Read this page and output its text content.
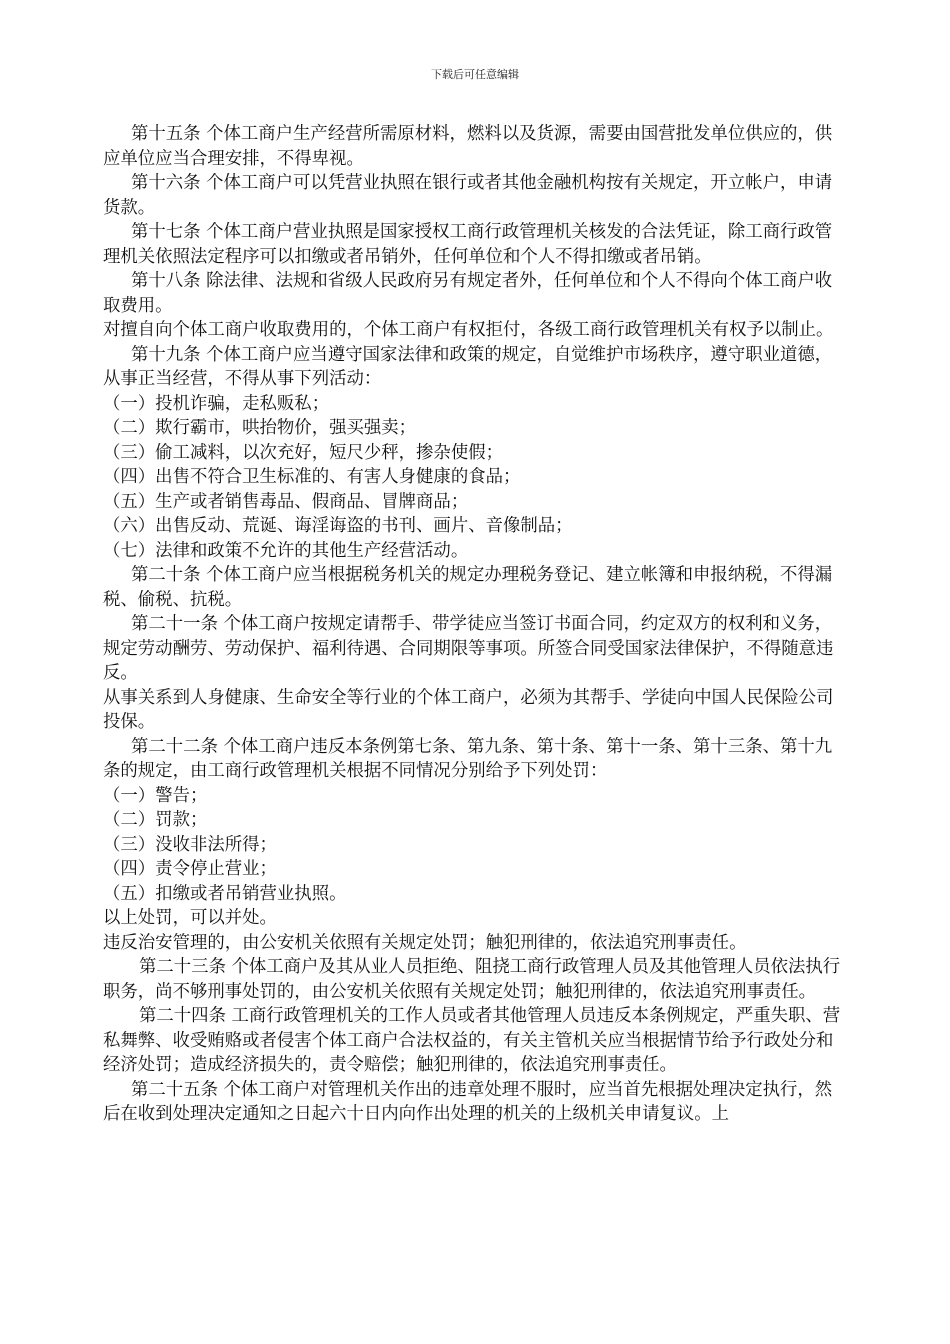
下载后可任意编辑

第十五条 个体工商户生产经营所需原材料，燃料以及货源，需要由国营批发单位供应的，供应单位应当合理安排，不得卑视。

第十六条 个体工商户可以凭营业执照在银行或者其他金融机构按有关规定，开立帐户，申请货款。

第十七条 个体工商户营业执照是国家授权工商行政管理机关核发的合法凭证，除工商行政管理机关依照法定程序可以扣缴或者吊销外，任何单位和个人不得扣缴或者吊销。

第十八条 除法律、法规和省级人民政府另有规定者外，任何单位和个人不得向个体工商户收取费用。

对擅自向个体工商户收取费用的，个体工商户有权拒付，各级工商行政管理机关有权予以制止。

第十九条 个体工商户应当遵守国家法律和政策的规定，自觉维护市场秩序，遵守职业道德，从事正当经营，不得从事下列活动：

（一）投机诈骗，走私贩私；

（二）欺行霸市，哄抬物价，强买强卖；

（三）偷工减料，以次充好，短尺少秤，掺杂使假；

（四）出售不符合卫生标准的、有害人身健康的食品；

（五）生产或者销售毒品、假商品、冒牌商品；

（六）出售反动、荒诞、诲淫诲盗的书刊、画片、音像制品；

（七）法律和政策不允许的其他生产经营活动。

第二十条 个体工商户应当根据税务机关的规定办理税务登记、建立帐簿和申报纳税，不得漏税、偷税、抗税。

第二十一条 个体工商户按规定请帮手、带学徒应当签订书面合同，约定双方的权利和义务，规定劳动酬劳、劳动保护、福利待遇、合同期限等事项。所签合同受国家法律保护，不得随意违反。

从事关系到人身健康、生命安全等行业的个体工商户，必须为其帮手、学徒向中国人民保险公司投保。

第二十二条 个体工商户违反本条例第七条、第九条、第十条、第十一条、第十三条、第十九条的规定，由工商行政管理机关根据不同情况分别给予下列处罚：

（一）警告；

（二）罚款；

（三）没收非法所得；

（四）责令停止营业；

（五）扣缴或者吊销营业执照。

以上处罚，可以并处。

违反治安管理的，由公安机关依照有关规定处罚；触犯刑律的，依法追究刑事责任。

第二十三条 个体工商户及其从业人员拒绝、阻挠工商行政管理人员及其他管理人员依法执行职务，尚不够刑事处罚的，由公安机关依照有关规定处罚；触犯刑律的，依法追究刑事责任。

第二十四条 工商行政管理机关的工作人员或者其他管理人员违反本条例规定，严重失职、营私舞弊、收受贿赂或者侵害个体工商户合法权益的，有关主管机关应当根据情节给予行政处分和经济处罚；造成经济损失的，责令赔偿；触犯刑律的，依法追究刑事责任。

第二十五条 个体工商户对管理机关作出的违章处理不服时，应当首先根据处理决定执行，然后在收到处理决定通知之日起六十日内向作出处理的机关的上级机关申请复议。上
